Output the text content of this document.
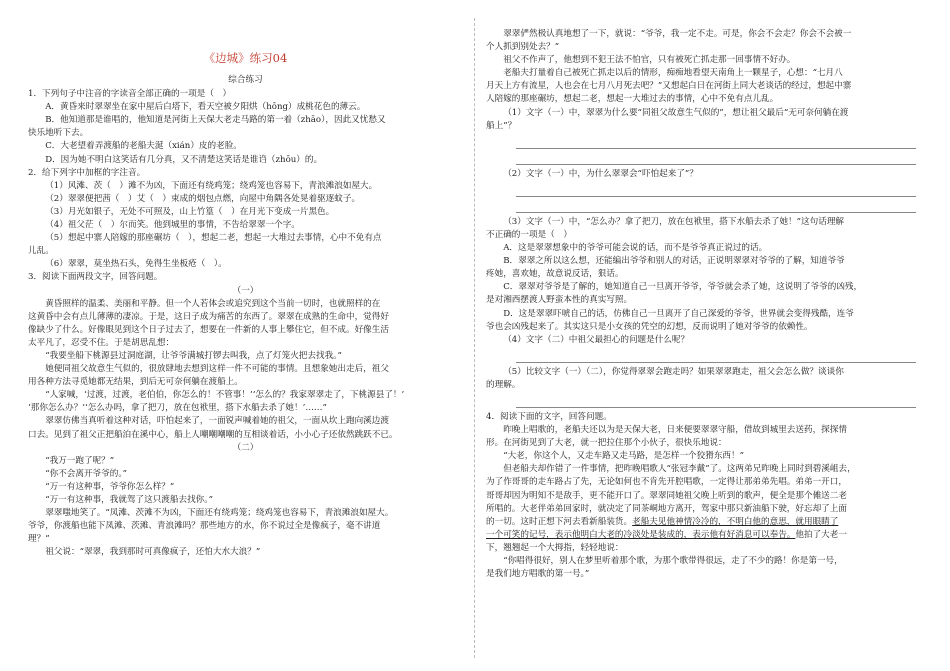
《边城》练习04
综合练习

1．下列句子中注音的字读音全部正确的一项是（　）

A．黄昏来时翠翠坐在家中屋后白塔下，看天空被夕阳烘（hōng）成桃花色的薄云。

B．他知道那是谁唱的，他知道是河街上天保大老走马路的第一着（zhāo），因此又忧愁又

快乐地听下去。

C．大老望着弄渡船的老船夫涎（xián）皮的老脸。

D．因为她不明白这笑话有几分真，又不清楚这笑话是谁诌（zhōu）的。

2．给下列字中加框的字注音。

（1）风滩、茨（　）滩不为凶，下面还有绕鸡笼；绕鸡笼也容易下，青浪滩浪如屋大。

（2）翠翠便把茜（　）艾（　）束成的烟包点燃，向屋中角隅各处晃着驱逐蚊子。

（3）月光如银子，无处不可照及，山上竹篁（　）在月光下变成一片黑色。

（4）祖父茫（　）尔而笑。他到城里的事情，不告给翠翠一个字。

（5）想起中寨人陪嫁的那座碾坊（　），想起二老，想起一大堆过去事情，心中不免有点

儿乱。

（6）翠翠，莫坐热石头，免得生坐板疮（　）。

3．阅读下面两段文字，回答问题。

（一）

黄昏照样的温柔、美丽和平静。但一个人若体会或追究到这个当前一切时，也就照样的在

这黄昏中会有点儿薄薄的凄凉。于是，这日子成为痛苦的东西了。翠翠在成熟的生命中，觉得好

像缺少了什么。好像眼见到这个日子过去了，想要在一件新的人事上攀住它，但不成。好像生活

太平凡了，忍受不住。于是胡思乱想：

“我要坐船下桃源县过洞庭湖，让爷爷满城打锣去叫我，点了灯笼火把去找我。”

她便同祖父故意生气似的，很放肆地去想到这样一件不可能的事情。且想象她出走后，祖父

用各种方法寻觅她都无结果，到后无可奈何躺在渡船上。

“人家喊，‘过渡，过渡，老伯伯，你怎么的！不管事！’‘怎么的？我家翠翠走了，下桃源县了！’

‘那你怎么办？’‘怎么办吗，拿了把刀，放在包袱里，搭下水船去杀了她！’……”

翠翠仿佛当真听着这种对话，吓怕起来了，一面锐声喊着她的祖父，一面从坎上跑向溪边渡

口去。见到了祖父正把船泊在溪中心，船上人嘲嘲嘲嘲的互相谈着话，小小心子还依然跳跃不已。

（二）

“我万一跑了呢？”

“你不会离开爷爷的。”

“万一有这种事，爷爷你怎么样？”

“万一有这种事，我就驾了这只渡船去找你。”

翠翠嗤地笑了。“凤滩、茨滩不为凶，下面还有绕鸡笼；绕鸡笼也容易下，青浪滩浪如屋大。

爷爷，你渡船也能下凤滩、茨滩、青浪滩吗？那些地方的水，你不说过全是像疯子，毫不讲道

理？”

祖父说：“翠翠，我到那时可真像疯子，还怕大水大浪？”

翠翠俨然极认真地想了一下，就说：“爷爷，我一定不走。可是，你会不会走？你会不会被一

个人抓到别处去？”

祖父不作声了，他想到不犯王法不怕官，只有被死亡抓走那一回事情不好办。

老船夫打量着自己被死亡抓走以后的情形，痴痴地看望天南角上一颗星子，心想：“七月八

月天上方有流星，人也会在七月八月死去吧？”又想起白日在河街上同大老谈话的经过，想起中寨

人陪嫁的那座碾坊，想起二老，想起一大堆过去的事情，心中不免有点儿乱。

（1）文字（一）中，翠翠为什么要“同祖父故意生气似的”，想让祖父最后“无可奈何躺在渡

船上”？

（2）文字（一）中，为什么翠翠会“吓怕起来了”？

（3）文字（一）中，“怎么办？拿了把刀，放在包袱里，搭下水船去杀了她！”这句话理解

不正确的一项是（　）

A．这是翠翠想象中的爷爷可能会说的话，而不是爷爷真正说过的话。

B．翠翠之所以这么想，还能编出爷爷和别人的对话，正说明翠翠对爷爷的了解，知道爷爷

疼她，喜欢她，故意说反话，狠话。

C．翠翠对爷爷是了解的，她知道自己一旦离开爷爷，爷爷就会杀了她，这说明了爷爷的凶残，

是对湘西摆渡人野蛮本性的真实写照。

D．这是翠翠吓唬自己的话，仿佛自己一旦离开了自己深爱的爷爷，世界就会变得残酷，连爷

爷也会凶残起来了。其实这只是小女孩的凭空的幻想，反而说明了她对爷爷的依赖性。

（4）文字（二）中祖父最担心的问题是什么呢？

（5）比较文字（一）（二），你觉得翠翠会跑走吗？如果翠翠跑走，祖父会怎么做？谈谈你

的理解。

4．阅读下面的文字，回答问题。

昨晚上唱歌的，老船夫还以为是天保大老，日来便要翠翠守船，借故到城里去送药，探探情

形。在河街见到了大老，就一把拉住那个小伙子，很快乐地说：

“大老，你这个人，又走车路又走马路，是怎样一个狡猾东西！”

但老船夫却作错了一件事情，把昨晚唱歌人“张冠李戴”了。这两弟兄昨晚上同时到碧溪岨去，

为了作哥哥的走车路占了先，无论如何也不肯先开腔唱歌，一定得让那弟弟先唱。弟弟一开口，

哥哥却因为明知不是敌手，更不能开口了。翠翠同她祖父晚上听到的歌声，便全是那个傩送二老

所唱的。大老伴弟弟回家时，就决定了同茶峒地方离开，驾家中那只新油船下驶，好忘却了上面

的一切。这时正想下河去看新船装货。老船夫见他神情冷冷的，不明白他的意思，就用眼睛了

一个可笑的记号，表示他明白大老的冷淡处是装成的，表示他有好消息可以奉告。他拍了大老一

下，翘翘起一个大拇指，轻轻地说：

“你唱得很好，别人在梦里听着那个歌，为那个歌带得很远，走了不少的路！你是第一号，

是我们地方唱歌的第一号。”
